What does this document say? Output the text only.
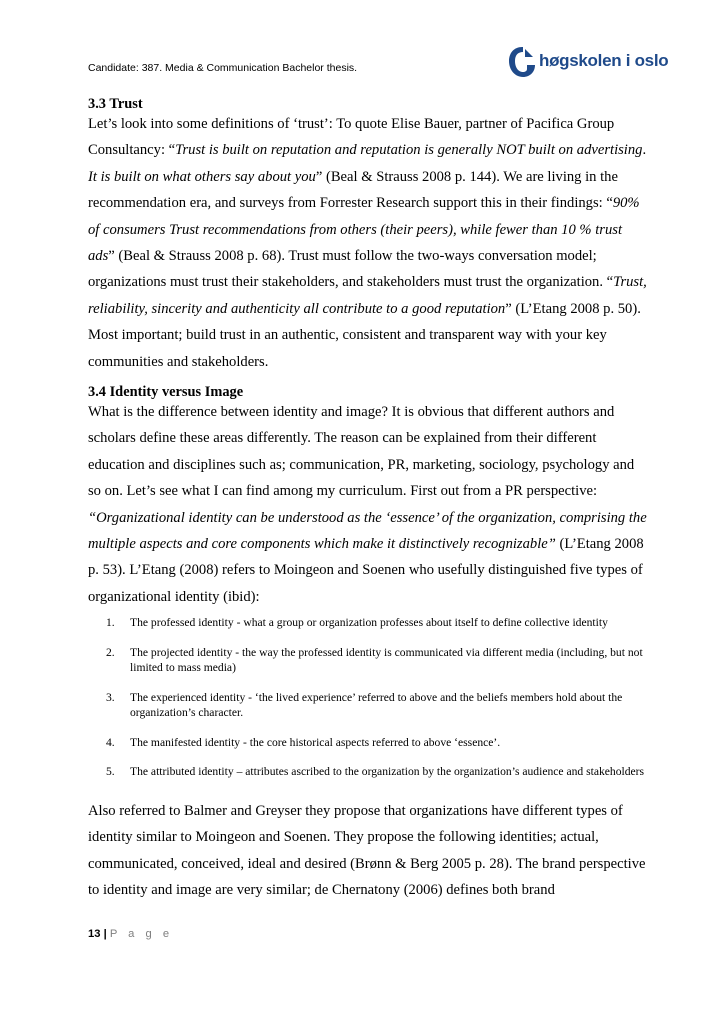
Candidate: 387. Media & Communication Bachelor thesis.	høgskolen i oslo
3.3 Trust

Let’s look into some definitions of ‘trust’: To quote Elise Bauer, partner of Pacifica Group Consultancy: “Trust is built on reputation and reputation is generally NOT built on advertising. It is built on what others say about you” (Beal & Strauss 2008 p. 144). We are living in the recommendation era, and surveys from Forrester Research support this in their findings: “90% of consumers Trust recommendations from others (their peers), while fewer than 10 % trust ads” (Beal & Strauss 2008 p. 68). Trust must follow the two-ways conversation model; organizations must trust their stakeholders, and stakeholders must trust the organization. “Trust, reliability, sincerity and authenticity all contribute to a good reputation” (L’Etang 2008 p. 50). Most important; build trust in an authentic, consistent and transparent way with your key communities and stakeholders.

3.4 Identity versus Image

What is the difference between identity and image? It is obvious that different authors and scholars define these areas differently. The reason can be explained from their different education and disciplines such as; communication, PR, marketing, sociology, psychology and so on. Let’s see what I can find among my curriculum. First out from a PR perspective: “Organizational identity can be understood as the ‘essence’ of the organization, comprising the multiple aspects and core components which make it distinctively recognizable” (L’Etang 2008 p. 53). L’Etang (2008) refers to Moingeon and Soenen who usefully distinguished five types of organizational identity (ibid):

1. The professed identity - what a group or organization professes about itself to define collective identity
2. The projected identity - the way the professed identity is communicated via different media (including, but not limited to mass media)
3. The experienced identity - ‘the lived experience’ referred to above and the beliefs members hold about the organization’s character.
4. The manifested identity - the core historical aspects referred to above ‘essence’.
5. The attributed identity – attributes ascribed to the organization by the organization’s audience and stakeholders

Also referred to Balmer and Greyser they propose that organizations have different types of identity similar to Moingeon and Soenen. They propose the following identities; actual, communicated, conceived, ideal and desired (Brønn & Berg 2005 p. 28). The brand perspective to identity and image are very similar; de Chernatony (2006) defines both brand

13 | P a g e
